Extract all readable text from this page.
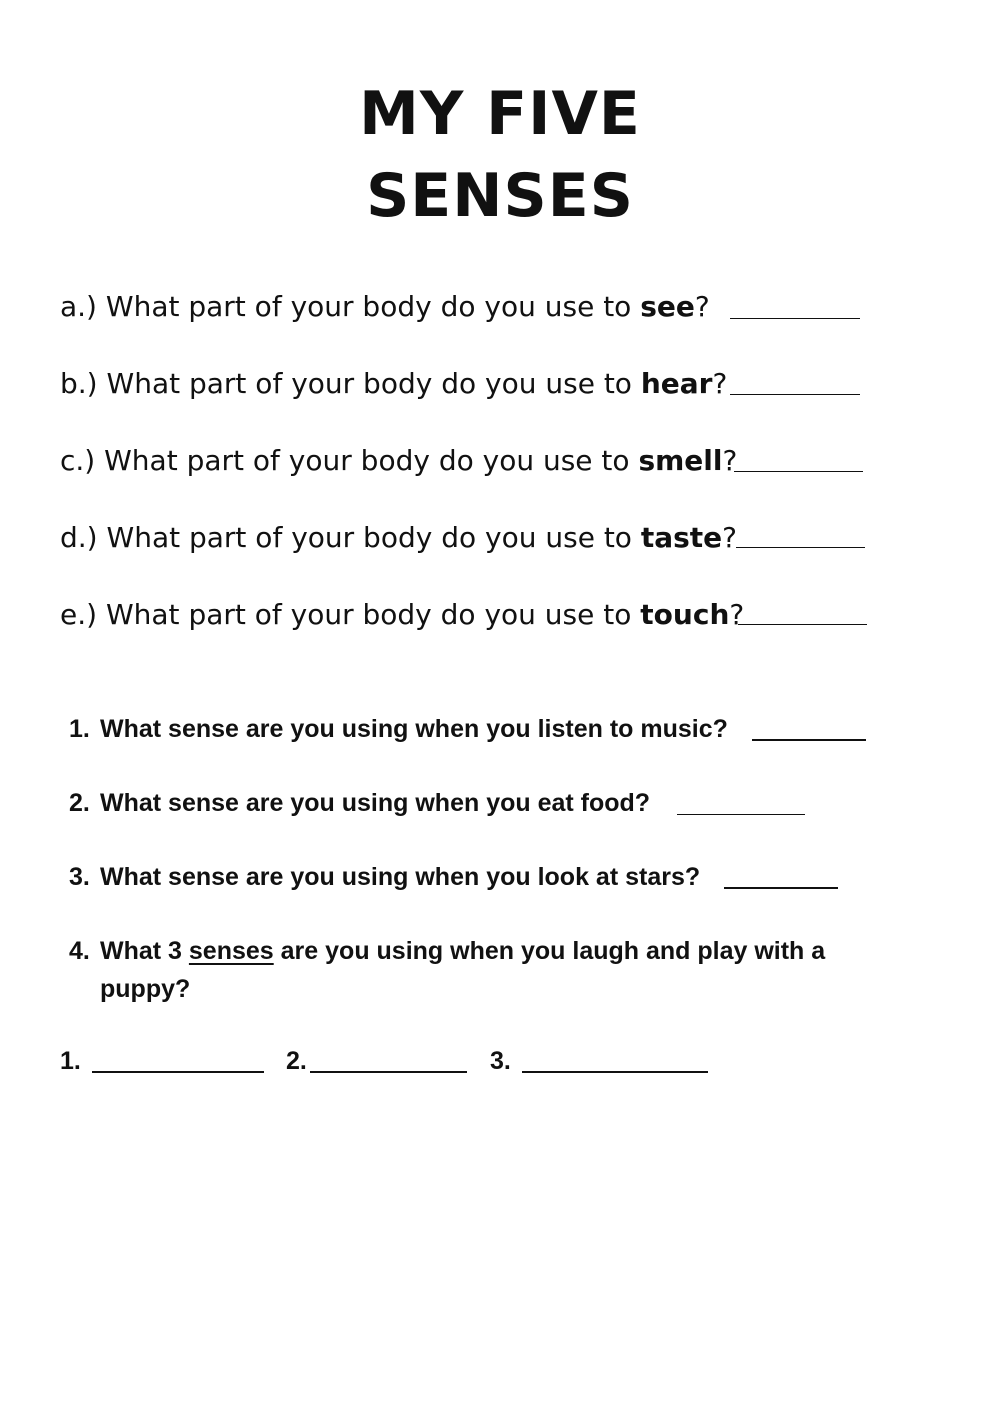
MY FIVE
SENSES
a.) What part of your body do you use to see?
b.) What part of your body do you use to hear?
c.) What part of your body do you use to smell?
d.) What part of your body do you use to taste?
e.) What part of your body do you use to touch?
1. What sense are you using when you listen to music?
2. What sense are you using when you eat food?
3. What sense are you using when you look at stars?
4. What 3 senses are you using when you laugh and play with a
puppy?
1.	2.	3.
